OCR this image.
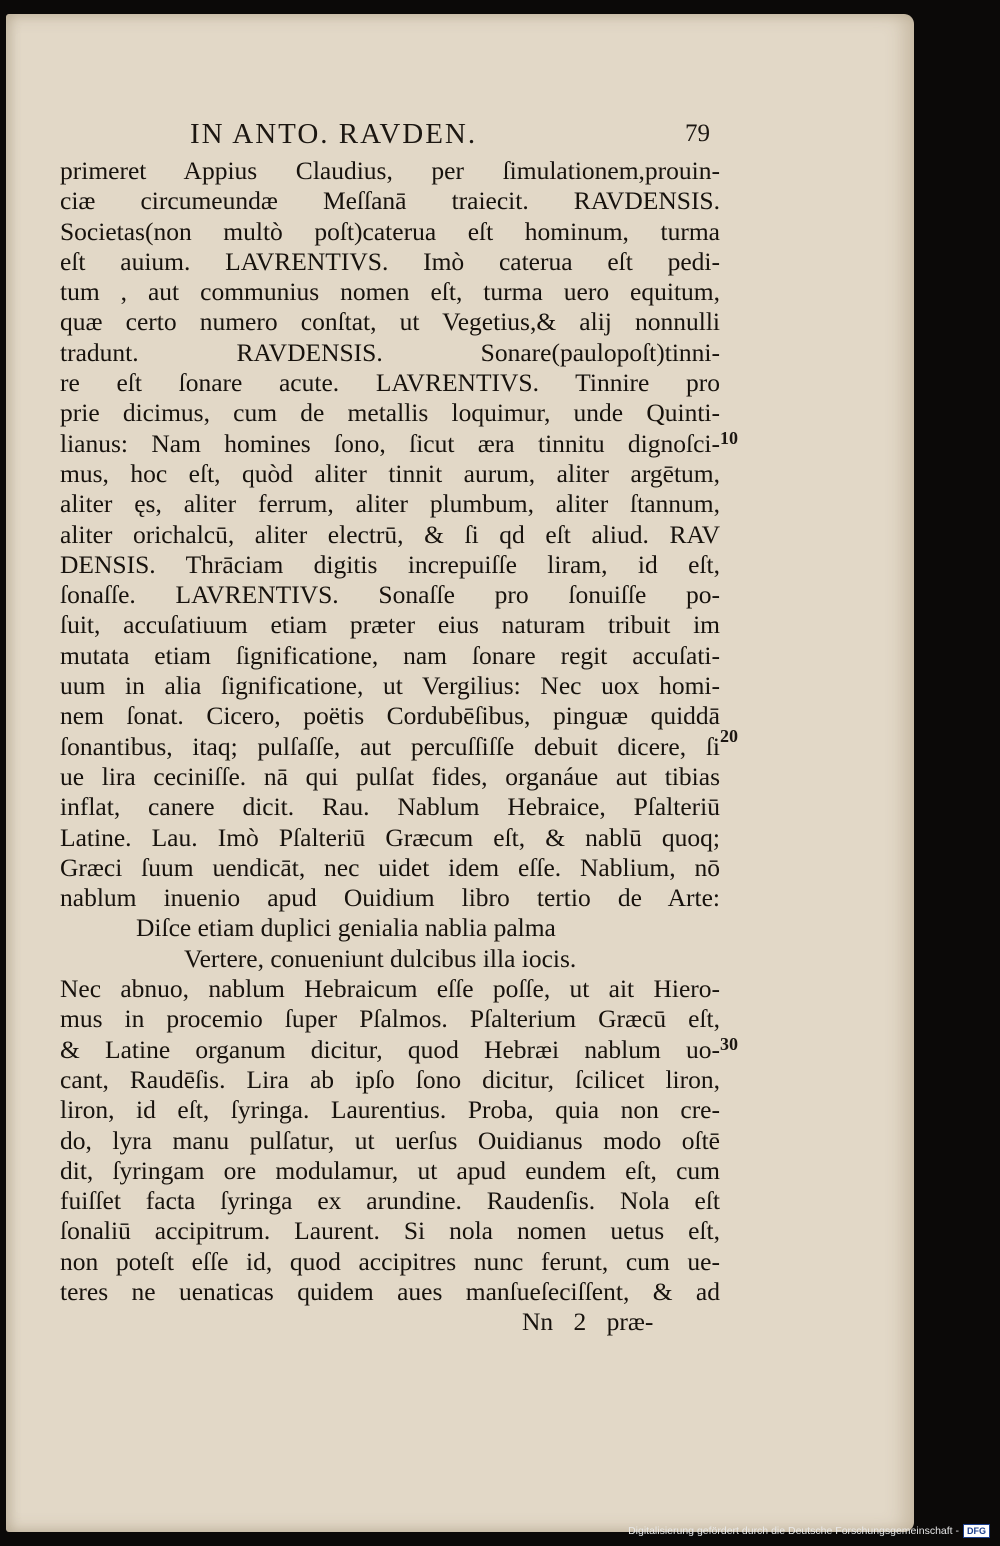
IN ANTO. RAVDEN.	79
primeret Appius Claudius, per ſimulationem,prouin-
ciæ circumeundæ Meſſanā traiecit. RAVDENSIS.
Societas(non multò poſt)caterua eſt hominum, turma
eſt auium. LAVRENTIVS. Imò caterua eſt pedi-
tum , aut communius nomen eſt, turma uero equitum,
quæ certo numero conſtat, ut Vegetius,& alij nonnulli
tradunt. RAVDENSIS. Sonare(paulopoſt)tinni-
re eſt ſonare acute. LAVRENTIVS. Tinnire pro
prie dicimus, cum de metallis loquimur, unde Quinti-
lianus: Nam homines ſono, ſicut æra tinnitu dignoſci-
mus, hoc eſt, quòd aliter tinnit aurum, aliter argētum,
aliter ęs, aliter ferrum, aliter plumbum, aliter ſtannum,
aliter orichalcū, aliter electrū, & ſi qd eſt aliud. RAV
DENSIS. Thrāciam digitis increpuiſſe liram, id eſt,
ſonaſſe. LAVRENTIVS. Sonaſſe pro ſonuiſſe po-
ſuit, accuſatiuum etiam præter eius naturam tribuit im
mutata etiam ſignificatione, nam ſonare regit accuſati-
uum in alia ſignificatione, ut Vergilius: Nec uox homi-
nem ſonat. Cicero, poëtis Cordubēſibus, pinguæ quiddā
ſonantibus, itaq; pulſaſſe, aut percuſſiſſe debuit dicere, ſi
ue lira ceciniſſe. nā qui pulſat fides, organáue aut tibias
inflat, canere dicit. Rau. Nablum Hebraice, Pſalteriū
Latine. Lau. Imò Pſalteriū Græcum eſt, & nablū quoq;
Græci ſuum uendicāt, nec uidet idem eſſe. Nablium, nō
nablum inuenio apud Ouidium libro tertio de Arte:
Diſce etiam duplici genialia nablia palma
Vertere, conueniunt dulcibus illa iocis.
Nec abnuo, nablum Hebraicum eſſe poſſe, ut ait Hiero-
mus in procemio ſuper Pſalmos. Pſalterium Græcū eſt,
& Latine organum dicitur, quod Hebræi nablum uo-
cant, Raudēſis. Lira ab ipſo ſono dicitur, ſcilicet liron,
liron, id eſt, ſyringa. Laurentius. Proba, quia non cre-
do, lyra manu pulſatur, ut uerſus Ouidianus modo oſtē
dit, ſyringam ore modulamur, ut apud eundem eſt, cum
fuiſſet facta ſyringa ex arundine. Raudenſis. Nola eſt
ſonaliū accipitrum. Laurent. Si nola nomen uetus eſt,
non poteſt eſſe id, quod accipitres nunc ferunt, cum ue-
teres ne uenaticas quidem aues manſueſeciſſent, & ad
Nn 2 præ-
10
20
30
Digitalisierung gefördert durch die Deutsche Forschungsgemeinschaft - DFG
